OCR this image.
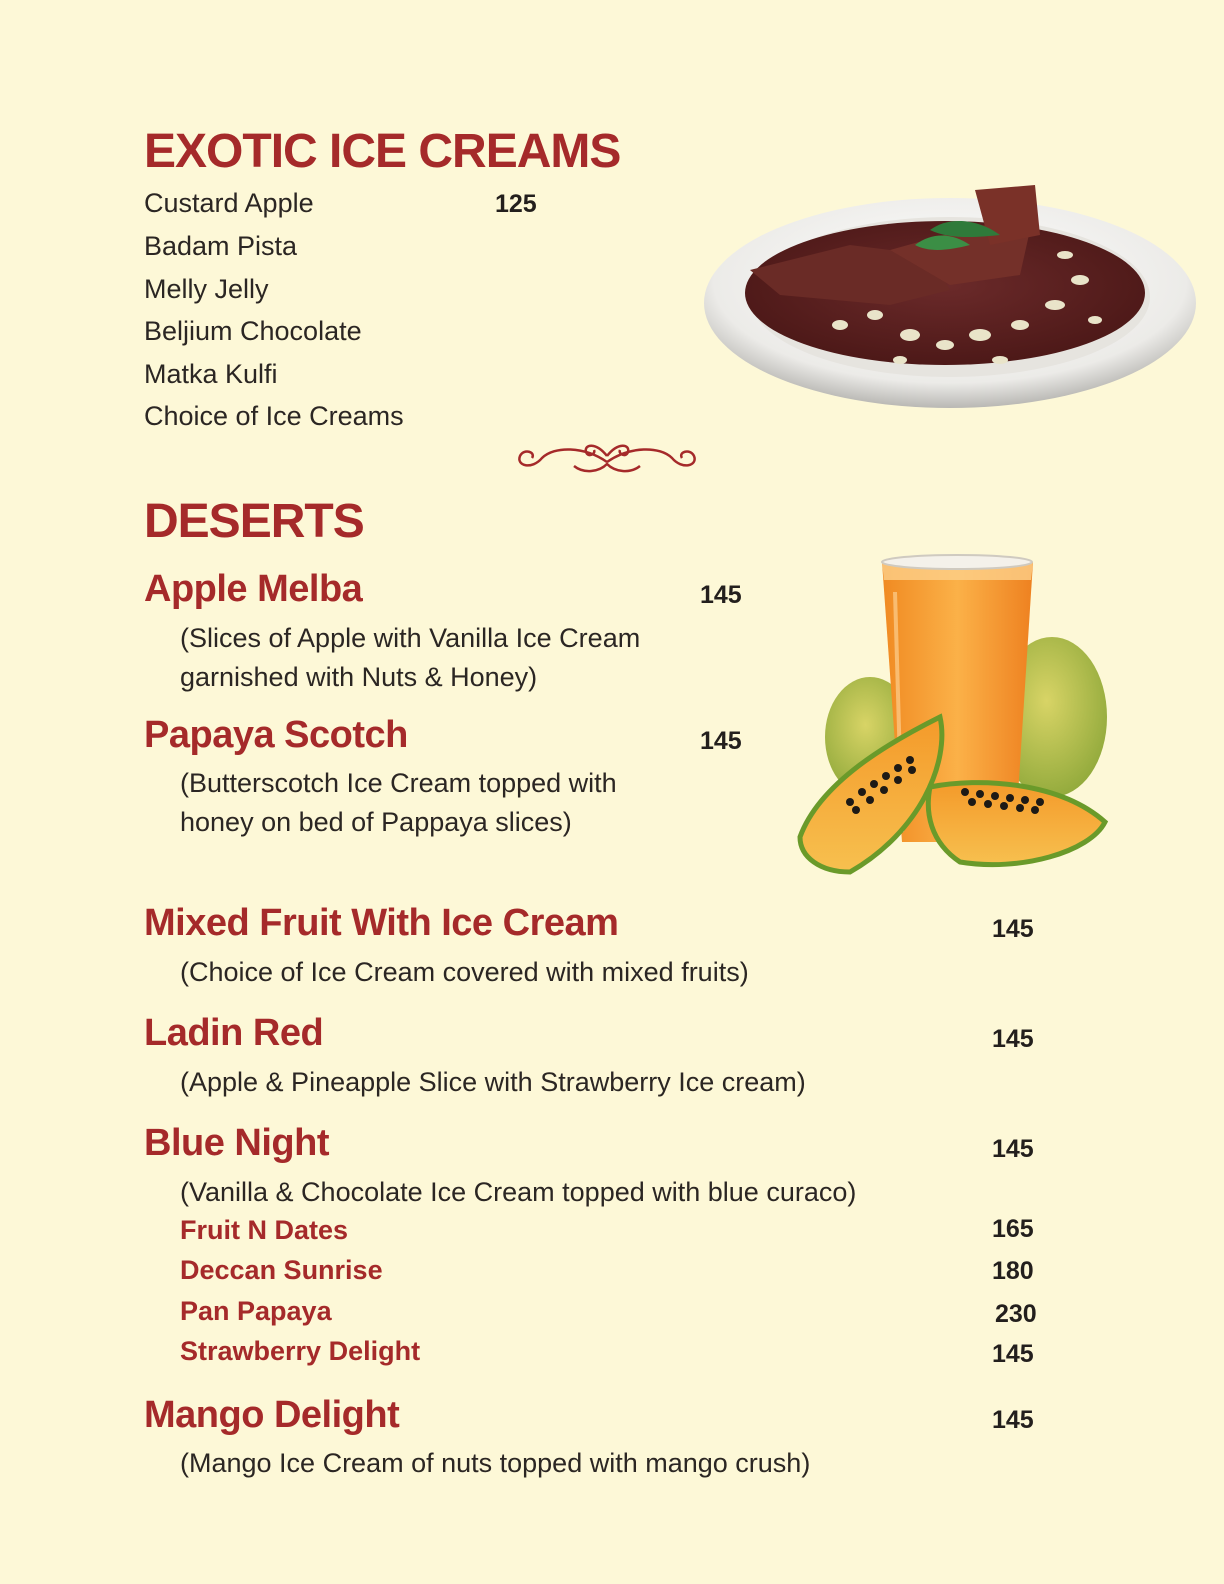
EXOTIC ICE CREAMS
Custard Apple	125
Badam Pista
Melly Jelly
Beljium Chocolate
Matka Kulfi
Choice of Ice Creams
DESERTS
Apple Melba	145
(Slices of Apple with Vanilla Ice Cream
garnished with Nuts & Honey)
Papaya Scotch	145
(Butterscotch Ice Cream topped with
honey on bed of Pappaya slices)
Mixed Fruit With Ice Cream	145
(Choice of Ice Cream covered with mixed fruits)
Ladin Red	145
(Apple & Pineapple Slice with Strawberry Ice cream)
Blue Night	145
(Vanilla & Chocolate Ice Cream topped with blue curaco)
Fruit N Dates	165
Deccan Sunrise	180
Pan Papaya	230
Strawberry Delight	145
Mango Delight	145
(Mango Ice Cream of nuts topped with mango crush)
